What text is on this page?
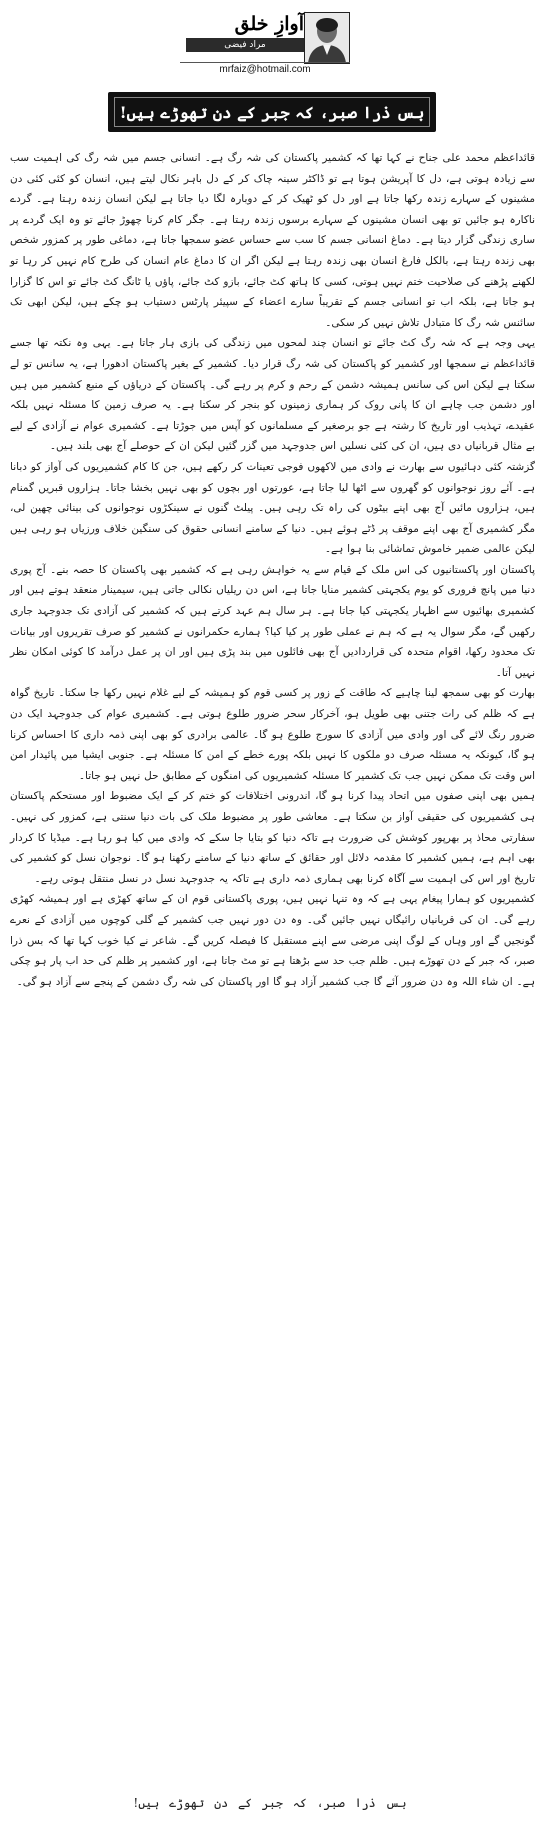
آوازِ خلق
مراد فیضی
mrfaiz@hotmail.com
بس ذرا صبر، کہ جبر کے دن تھوڑے ہیں!

قائداعظم محمد علی جناح نے کہا تھا کہ کشمیر پاکستان کی شہ رگ ہے۔ انسانی جسم میں شہ رگ کی اہمیت سب سے زیادہ ہوتی ہے، دل کا آپریشن ہوتا ہے تو ڈاکٹر سینہ چاک کر کے دل باہر نکال لیتے ہیں، انسان کو کئی کئی دن مشینوں کے سہارے زندہ رکھا جاتا ہے اور دل کو ٹھیک کر کے دوبارہ لگا دیا جاتا ہے لیکن انسان زندہ رہتا ہے۔ گردے ناکارہ ہو جائیں تو بھی انسان مشینوں کے سہارے برسوں زندہ رہتا ہے۔ جگر کام کرنا چھوڑ جائے تو وہ ایک گردے پر ساری زندگی گزار دیتا ہے۔ دماغ انسانی جسم کا سب سے حساس عضو سمجھا جاتا ہے، دماغی طور پر کمزور شخص بھی زندہ رہتا ہے، بالکل فارغ انسان بھی زندہ رہتا ہے لیکن اگر ان کا دماغ عام انسان کی طرح کام نہیں کر رہا تو لکھنے پڑھنے کی صلاحیت ختم نہیں ہوتی، کسی کا ہاتھ کٹ جائے، بازو کٹ جائے، پاؤں یا ٹانگ کٹ جائے تو اس کا گزارا ہو جاتا ہے، بلکہ اب تو انسانی جسم کے تقریباً سارے اعضاء کے سپیئر پارٹس دستیاب ہو چکے ہیں، لیکن ابھی تک سائنس شہ رگ کا متبادل تلاش نہیں کر سکی۔

یہی وجہ ہے کہ شہ رگ کٹ جائے تو انسان چند لمحوں میں زندگی کی بازی ہار جاتا ہے۔ یہی وہ نکتہ تھا جسے قائداعظم نے سمجھا اور کشمیر کو پاکستان کی شہ رگ قرار دیا۔ کشمیر کے بغیر پاکستان ادھورا ہے، یہ سانس تو لے سکتا ہے لیکن اس کی سانس ہمیشہ دشمن کے رحم و کرم پر رہے گی۔ پاکستان کے دریاؤں کے منبع کشمیر میں ہیں اور دشمن جب چاہے ان کا پانی روک کر ہماری زمینوں کو بنجر کر سکتا ہے۔ یہ صرف زمین کا مسئلہ نہیں بلکہ عقیدے، تہذیب اور تاریخ کا رشتہ ہے جو برصغیر کے مسلمانوں کو آپس میں جوڑتا ہے۔ کشمیری عوام نے آزادی کے لیے بے مثال قربانیاں دی ہیں، ان کی کئی نسلیں اس جدوجہد میں گزر گئیں لیکن ان کے حوصلے آج بھی بلند ہیں۔

گزشتہ کئی دہائیوں سے بھارت نے وادی میں لاکھوں فوجی تعینات کر رکھے ہیں، جن کا کام کشمیریوں کی آواز کو دبانا ہے۔ آئے روز نوجوانوں کو گھروں سے اٹھا لیا جاتا ہے، عورتوں اور بچوں کو بھی نہیں بخشا جاتا۔ ہزاروں قبریں گمنام ہیں، ہزاروں مائیں آج بھی اپنے بیٹوں کی راہ تک رہی ہیں۔ پیلٹ گنوں نے سینکڑوں نوجوانوں کی بینائی چھین لی، مگر کشمیری آج بھی اپنے موقف پر ڈٹے ہوئے ہیں۔ دنیا کے سامنے انسانی حقوق کی سنگین خلاف ورزیاں ہو رہی ہیں لیکن عالمی ضمیر خاموش تماشائی بنا ہوا ہے۔

پاکستان اور پاکستانیوں کی اس ملک کے قیام سے یہ خواہش رہی ہے کہ کشمیر بھی پاکستان کا حصہ بنے۔ آج پوری دنیا میں پانچ فروری کو یوم یکجہتی کشمیر منایا جاتا ہے، اس دن ریلیاں نکالی جاتی ہیں، سیمینار منعقد ہوتے ہیں اور کشمیری بھائیوں سے اظہار یکجہتی کیا جاتا ہے۔ ہر سال ہم عہد کرتے ہیں کہ کشمیر کی آزادی تک جدوجہد جاری رکھیں گے، مگر سوال یہ ہے کہ ہم نے عملی طور پر کیا کیا؟ ہمارے حکمرانوں نے کشمیر کو صرف تقریروں اور بیانات تک محدود رکھا، اقوام متحدہ کی قراردادیں آج بھی فائلوں میں بند پڑی ہیں اور ان پر عمل درآمد کا کوئی امکان نظر نہیں آتا۔

بھارت کو بھی سمجھ لینا چاہیے کہ طاقت کے زور پر کسی قوم کو ہمیشہ کے لیے غلام نہیں رکھا جا سکتا۔ تاریخ گواہ ہے کہ ظلم کی رات جتنی بھی طویل ہو، آخرکار سحر ضرور طلوع ہوتی ہے۔ کشمیری عوام کی جدوجہد ایک دن ضرور رنگ لائے گی اور وادی میں آزادی کا سورج طلوع ہو گا۔ عالمی برادری کو بھی اپنی ذمہ داری کا احساس کرنا ہو گا، کیونکہ یہ مسئلہ صرف دو ملکوں کا نہیں بلکہ پورے خطے کے امن کا مسئلہ ہے۔ جنوبی ایشیا میں پائیدار امن اس وقت تک ممکن نہیں جب تک کشمیر کا مسئلہ کشمیریوں کی امنگوں کے مطابق حل نہیں ہو جاتا۔

ہمیں بھی اپنی صفوں میں اتحاد پیدا کرنا ہو گا، اندرونی اختلافات کو ختم کر کے ایک مضبوط اور مستحکم پاکستان ہی کشمیریوں کی حقیقی آواز بن سکتا ہے۔ معاشی طور پر مضبوط ملک کی بات دنیا سنتی ہے، کمزور کی نہیں۔ سفارتی محاذ پر بھرپور کوشش کی ضرورت ہے تاکہ دنیا کو بتایا جا سکے کہ وادی میں کیا ہو رہا ہے۔ میڈیا کا کردار بھی اہم ہے، ہمیں کشمیر کا مقدمہ دلائل اور حقائق کے ساتھ دنیا کے سامنے رکھنا ہو گا۔ نوجوان نسل کو کشمیر کی تاریخ اور اس کی اہمیت سے آگاہ کرنا بھی ہماری ذمہ داری ہے تاکہ یہ جدوجہد نسل در نسل منتقل ہوتی رہے۔

کشمیریوں کو ہمارا پیغام یہی ہے کہ وہ تنہا نہیں ہیں، پوری پاکستانی قوم ان کے ساتھ کھڑی ہے اور ہمیشہ کھڑی رہے گی۔ ان کی قربانیاں رائیگاں نہیں جائیں گی۔ وہ دن دور نہیں جب کشمیر کے گلی کوچوں میں آزادی کے نعرے گونجیں گے اور وہاں کے لوگ اپنی مرضی سے اپنے مستقبل کا فیصلہ کریں گے۔ شاعر نے کیا خوب کہا تھا کہ بس ذرا صبر، کہ جبر کے دن تھوڑے ہیں۔ ظلم جب حد سے بڑھتا ہے تو مٹ جاتا ہے، اور کشمیر پر ظلم کی حد اب پار ہو چکی ہے۔ ان شاء اللہ وہ دن ضرور آئے گا جب کشمیر آزاد ہو گا اور پاکستان کی شہ رگ دشمن کے پنجے سے آزاد ہو گی۔

بس ذرا صبر، کہ جبر کے دن تھوڑے ہیں!
